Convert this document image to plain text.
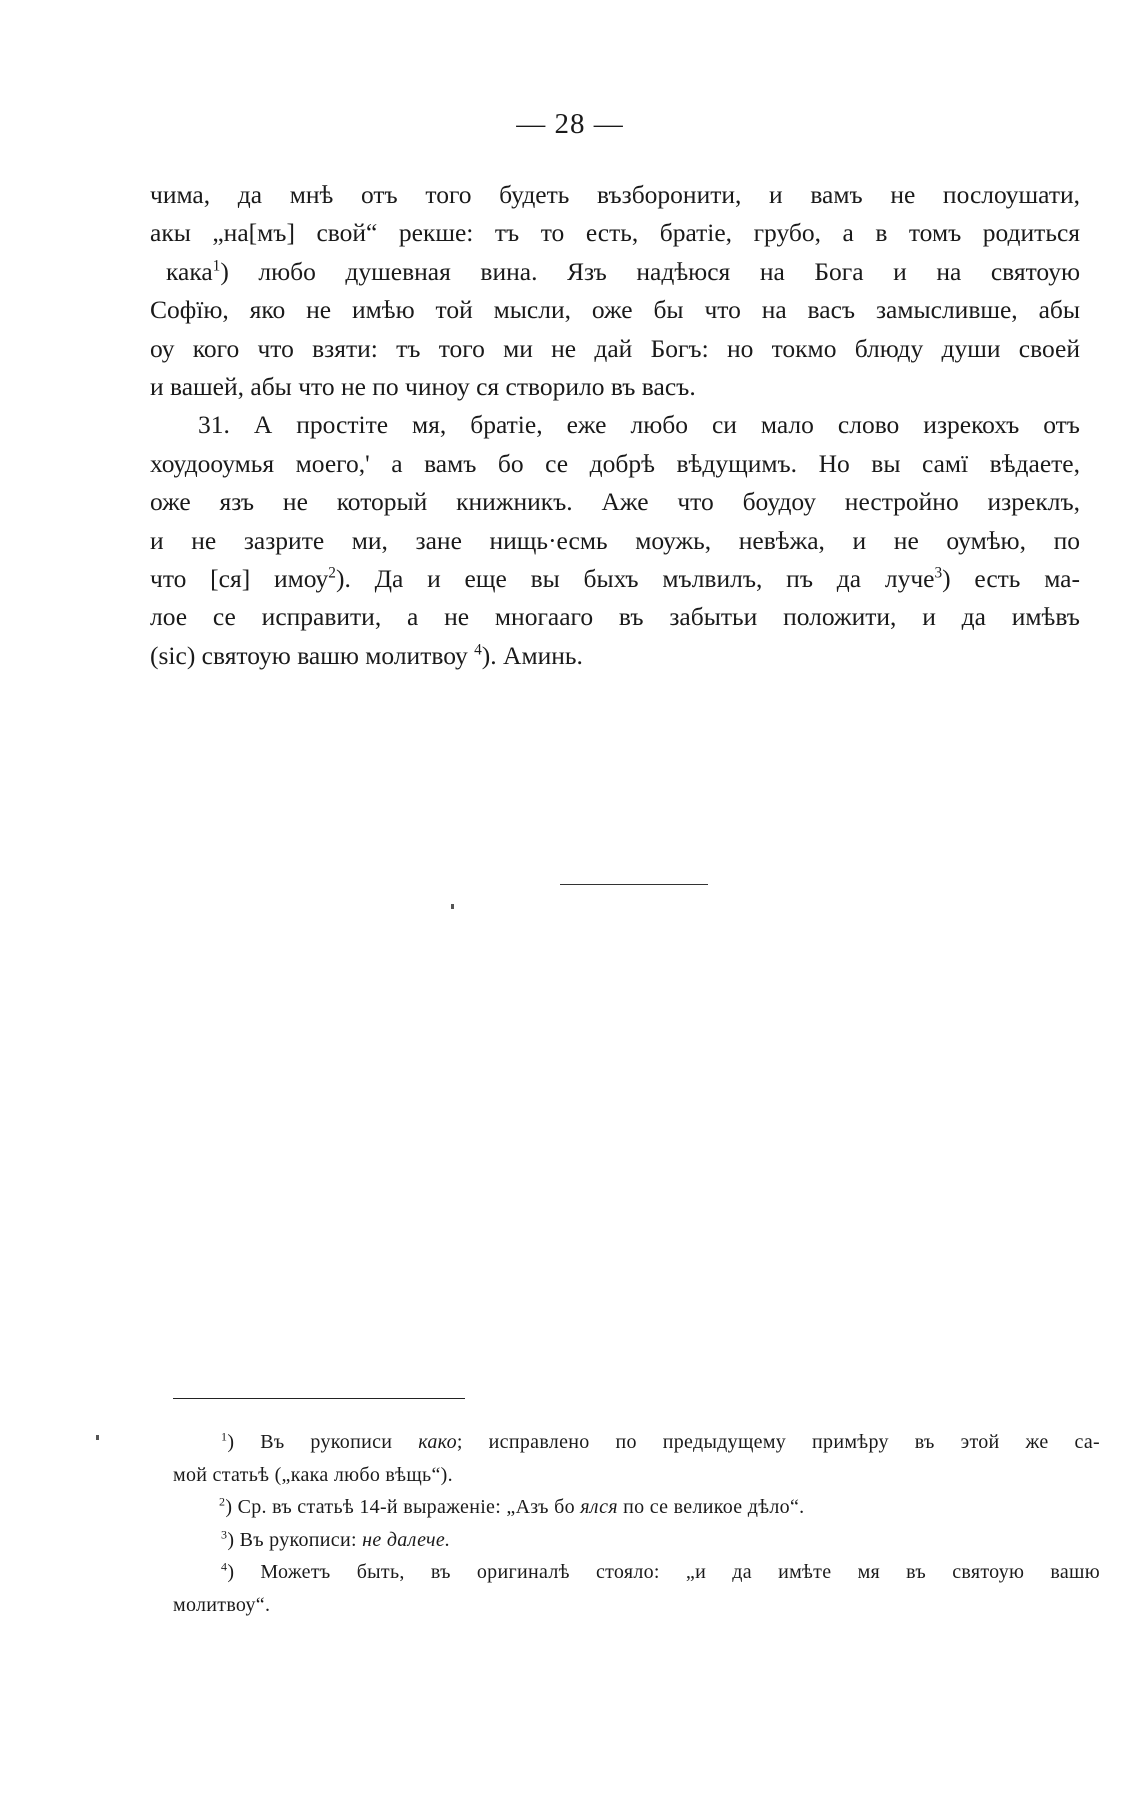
— 28 —
чима, да мнѣ отъ того будеть възборонити, и вамъ не послоушати,
акы „на[мъ] свой“ рекше: тъ то есть, братіе, грубо, а в томъ родиться
кака$^1$) любо душевная вина. Язъ надѣюся на Бога и на святоую
Софїю, яко не имѣю той мысли, оже бы что на васъ замысливше, абы
оу кого что взяти: тъ того ми не дай Богъ: но токмо блюду души своей
и вашей, абы что не по чиноу ся створило въ васъ.
31. А простіте мя, братіе, еже любо си мало слово изрекохъ отъ
хоудооумья моего,' а вамъ бо се добрѣ вѣдущимъ. Но вы самї вѣдаете,
оже язъ не который книжникъ. Аже что боудоу нестройно изреклъ,
и не зазрите ми, зане нищь·есмь моужь, невѣжа, и не оумѣю, по
что [ся] имоу$^2$). Да и еще вы быхъ мълвилъ, пъ да луче$^3$) есть ма-
лое се исправити, а не многааго въ забытьи положити, и да имѣвъ
(sic) святоую вашю молитвоу $^4$). Аминь.
$^1$) Въ рукописи како; исправлено по предыдущему примѣру въ этой же са-
мой статьѣ („кака любо вѣщь“).
$^2$) Ср. въ статьѣ 14-й выраженіе: „Азъ бо ялся по се великое дѣло“.
$^3$) Въ рукописи: не далече.
$^4$) Можетъ быть, въ оригиналѣ стояло: „и да имѣте мя въ святоую вашю
молитвоу“.
